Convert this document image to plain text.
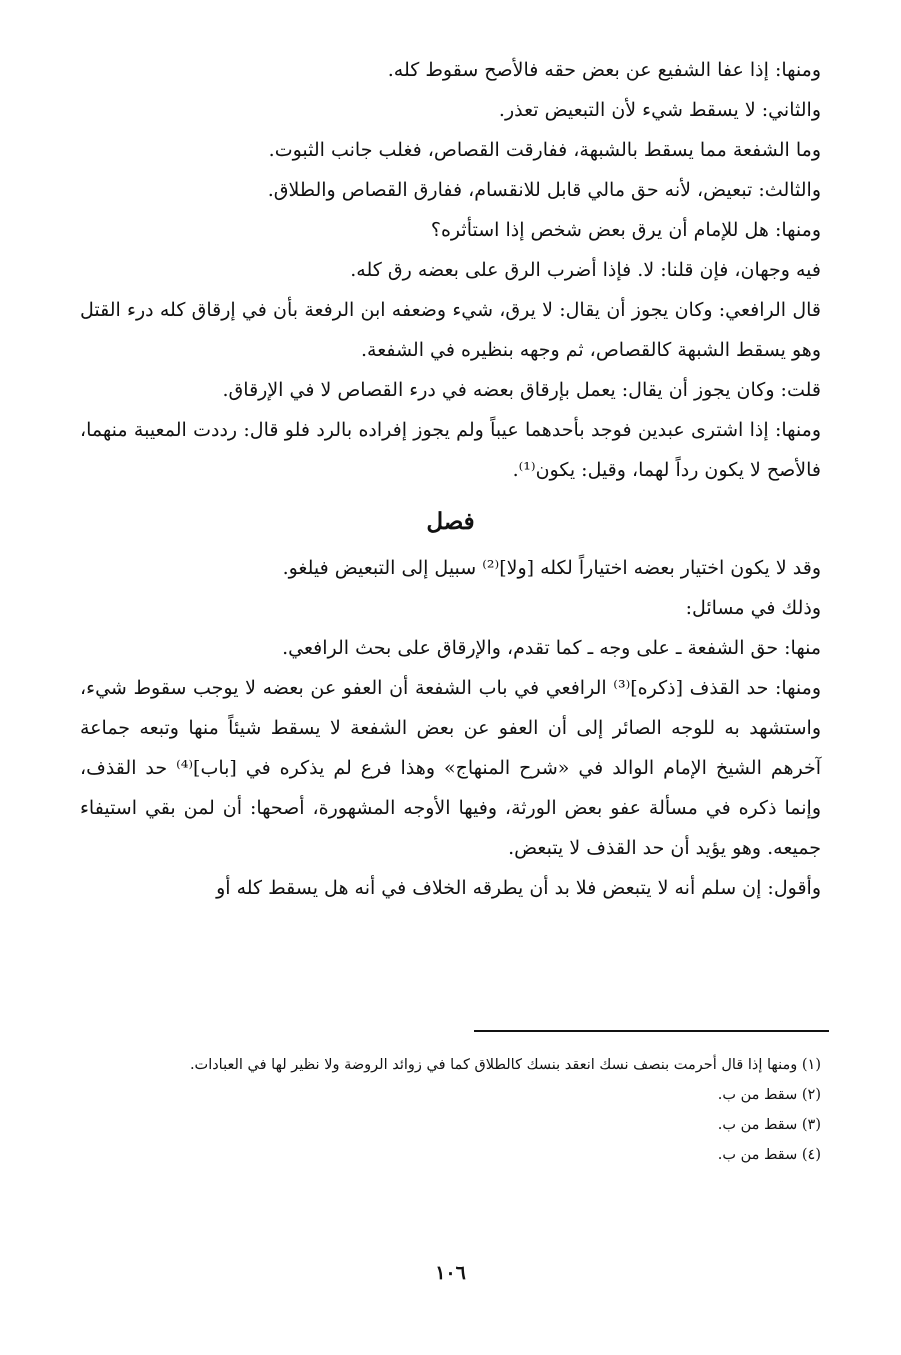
ومنها: إذا عفا الشفيع عن بعض حقه فالأصح سقوط كله.

والثاني: لا يسقط شيء لأن التبعيض تعذر.

وما الشفعة مما يسقط بالشبهة، ففارقت القصاص، فغلب جانب الثبوت.

والثالث: تبعيض، لأنه حق مالي قابل للانقسام، ففارق القصاص والطلاق.

ومنها: هل للإمام أن يرق بعض شخص إذا استأثره؟

فيه وجهان، فإن قلنا: لا. فإذا أضرب الرق على بعضه رق كله.

قال الرافعي: وكان يجوز أن يقال: لا يرق، شيء وضعفه ابن الرفعة بأن في إرقاق كله درء القتل وهو يسقط الشبهة كالقصاص، ثم وجهه بنظيره في الشفعة.

قلت: وكان يجوز أن يقال: يعمل بإرقاق بعضه في درء القصاص لا في الإرقاق.

ومنها: إذا اشترى عبدين فوجد بأحدهما عيباً ولم يجوز إفراده بالرد فلو قال: رددت المعيبة منهما، فالأصح لا يكون رداً لهما، وقيل: يكون⁽¹⁾.

فصل

وقد لا يكون اختيار بعضه اختياراً لكله [ولا]⁽²⁾ سبيل إلى التبعيض فيلغو.

وذلك في مسائل:

منها: حق الشفعة ـ على وجه ـ كما تقدم، والإرقاق على بحث الرافعي.

ومنها: حد القذف [ذكره]⁽³⁾ الرافعي في باب الشفعة أن العفو عن بعضه لا يوجب سقوط شيء، واستشهد به للوجه الصائر إلى أن العفو عن بعض الشفعة لا يسقط شيئاً منها وتبعه جماعة آخرهم الشيخ الإمام الوالد في «شرح المنهاج» وهذا فرع لم يذكره في [باب]⁽⁴⁾ حد القذف، وإنما ذكره في مسألة عفو بعض الورثة، وفيها الأوجه المشهورة، أصحها: أن لمن بقي استيفاء جميعه. وهو يؤيد أن حد القذف لا يتبعض.

وأقول: إن سلم أنه لا يتبعض فلا بد أن يطرقه الخلاف في أنه هل يسقط كله أو

(١) ومنها إذا قال أحرمت بنصف نسك انعقد بنسك كالطلاق كما في زوائد الروضة ولا نظير لها في العبادات.

(٢) سقط من ب.

(٣) سقط من ب.

(٤) سقط من ب.

١٠٦
